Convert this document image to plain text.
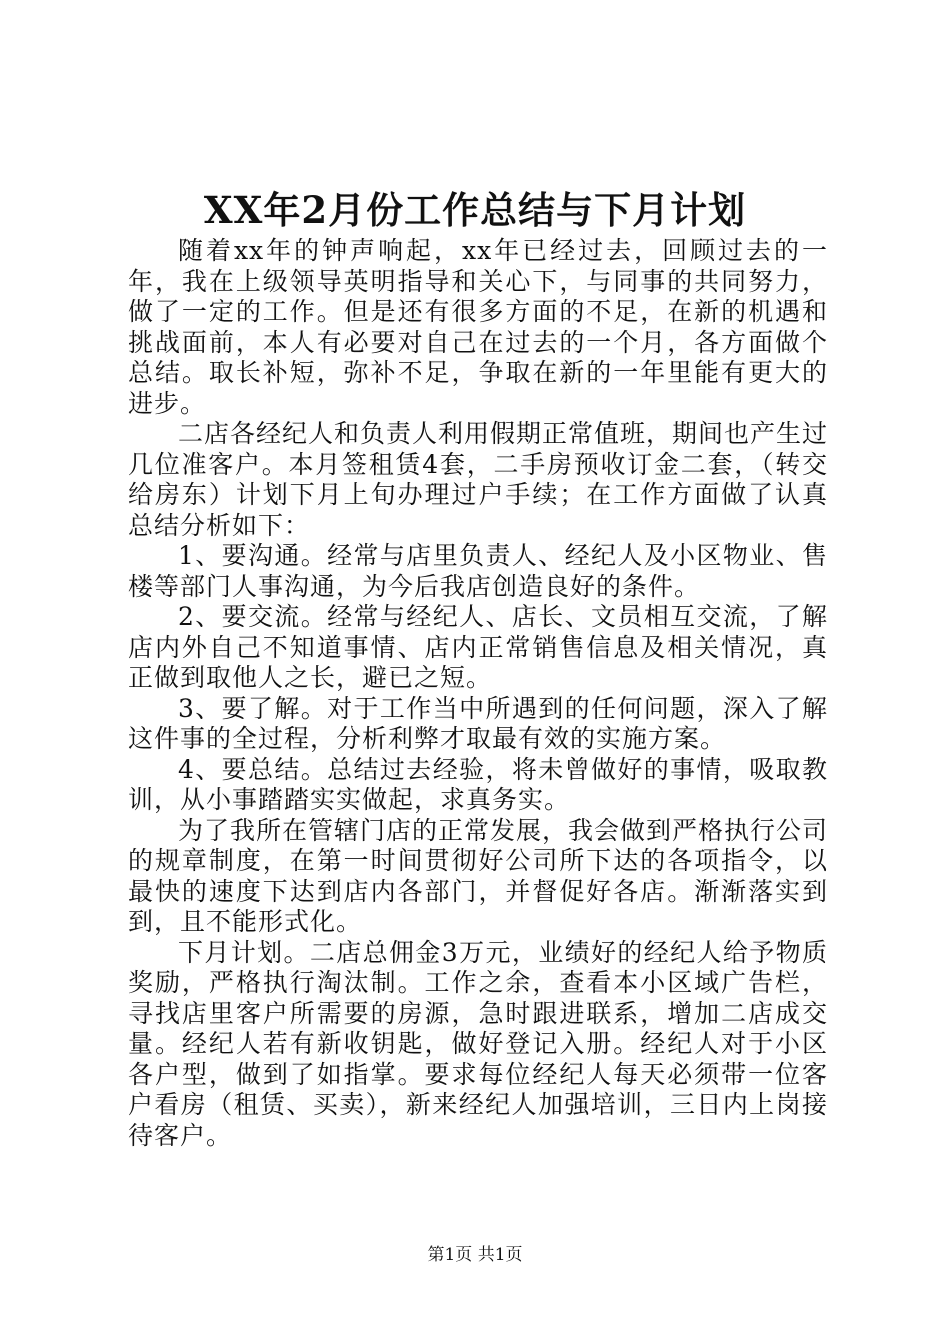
XX年2月份工作总结与下月计划

随着xx年的钟声响起，xx年已经过去，回顾过去的一年，我在上级领导英明指导和关心下，与同事的共同努力，做了一定的工作。但是还有很多方面的不足，在新的机遇和挑战面前，本人有必要对自己在过去的一个月，各方面做个总结。取长补短，弥补不足，争取在新的一年里能有更大的进步。

二店各经纪人和负责人利用假期正常值班，期间也产生过几位准客户。本月签租赁4套，二手房预收订金二套，（转交给房东）计划下月上旬办理过户手续；在工作方面做了认真总结分析如下：

1、要沟通。经常与店里负责人、经纪人及小区物业、售楼等部门人事沟通，为今后我店创造良好的条件。

2、要交流。经常与经纪人、店长、文员相互交流，了解店内外自己不知道事情、店内正常销售信息及相关情况，真正做到取他人之长，避已之短。

3、要了解。对于工作当中所遇到的任何问题，深入了解这件事的全过程，分析利弊才取最有效的实施方案。

4、要总结。总结过去经验，将未曾做好的事情，吸取教训，从小事踏踏实实做起，求真务实。

为了我所在管辖门店的正常发展，我会做到严格执行公司的规章制度，在第一时间贯彻好公司所下达的各项指令，以最快的速度下达到店内各部门，并督促好各店。渐渐落实到到，且不能形式化。

下月计划。二店总佣金3万元，业绩好的经纪人给予物质奖励，严格执行淘汰制。工作之余，查看本小区域广告栏，寻找店里客户所需要的房源，急时跟进联系，增加二店成交量。经纪人若有新收钥匙，做好登记入册。经纪人对于小区各户型，做到了如指掌。要求每位经纪人每天必须带一位客户看房（租赁、买卖），新来经纪人加强培训，三日内上岗接待客户。

第1页 共1页
